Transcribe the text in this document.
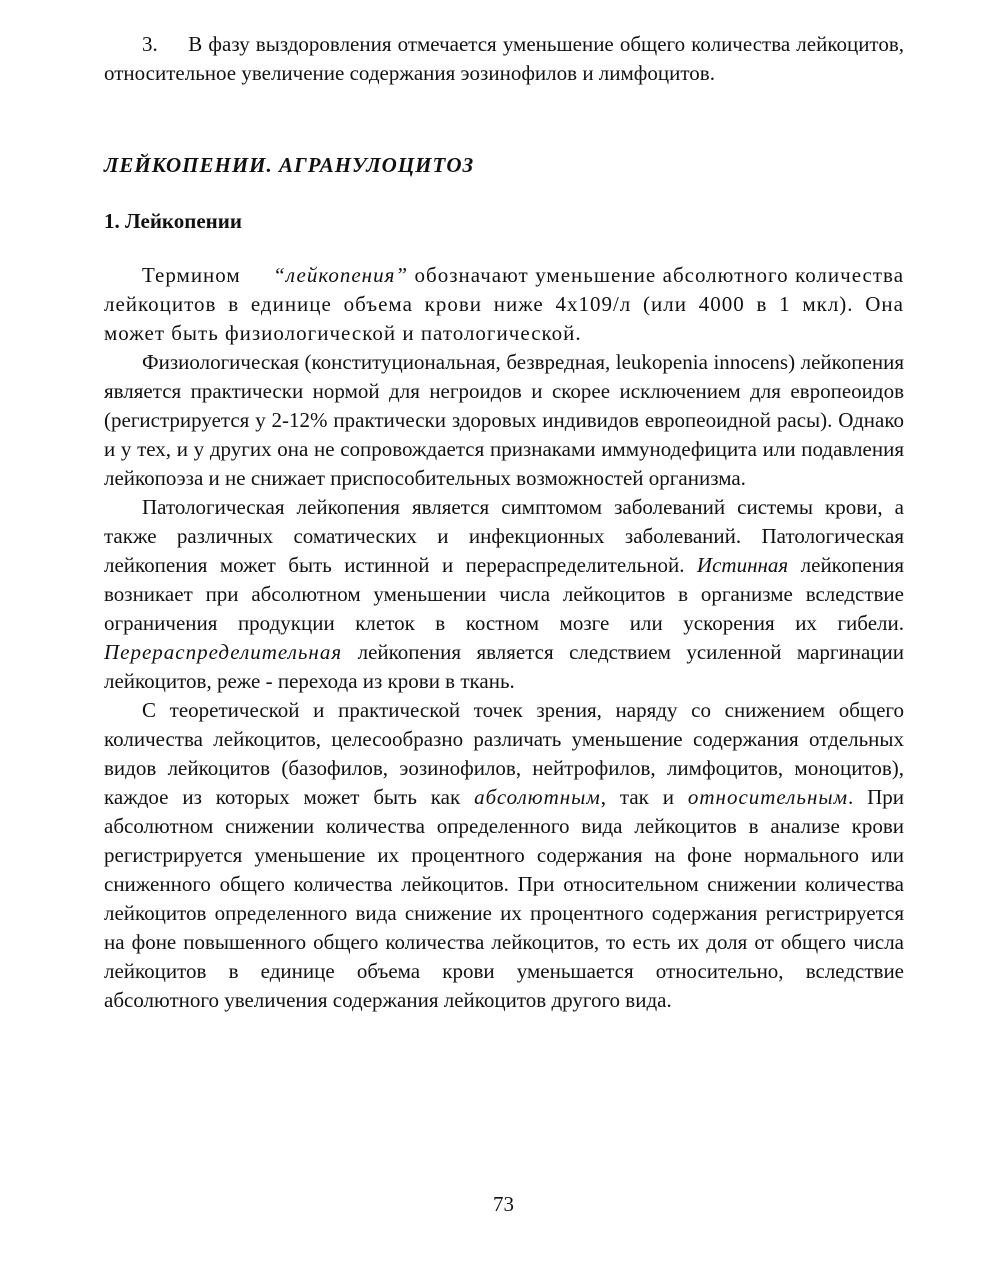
3. В фазу выздоровления отмечается уменьшение общего количества лейкоцитов, относительное увеличение содержания эозинофилов и лимфоцитов.

ЛЕЙКОПЕНИИ. АГРАНУЛОЦИТОЗ

1. Лейкопении

Термином “лейкопения” обозначают уменьшение абсолютного количества лейкоцитов в единице объема крови ниже 4х109/л (или 4000 в 1 мкл). Она может быть физиологической и патологической.

Физиологическая (конституциональная, безвредная, leukopenia innocens) лейкопения является практически нормой для негроидов и скорее исключением для европеоидов (регистрируется у 2-12% практически здоровых индивидов европеоидной расы). Однако и у тех, и у других она не сопровождается признаками иммунодефицита или подавления лейкопоэза и не снижает приспособительных возможностей организма.

Патологическая лейкопения является симптомом заболеваний системы крови, а также различных соматических и инфекционных заболеваний. Патологическая лейкопения может быть истинной и перераспределительной. Истинная лейкопения возникает при абсолютном уменьшении числа лейкоцитов в организме вследствие ограничения продукции клеток в костном мозге или ускорения их гибели. Перераспределительная лейкопения является следствием усиленной маргинации лейкоцитов, реже - перехода из крови в ткань.

С теоретической и практической точек зрения, наряду со снижением общего количества лейкоцитов, целесообразно различать уменьшение содержания отдельных видов лейкоцитов (базофилов, эозинофилов, нейтрофилов, лимфоцитов, моноцитов), каждое из которых может быть как абсолютным, так и относительным. При абсолютном снижении количества определенного вида лейкоцитов в анализе крови регистрируется уменьшение их процентного содержания на фоне нормального или сниженного общего количества лейкоцитов. При относительном снижении количества лейкоцитов определенного вида снижение их процентного содержания регистрируется на фоне повышенного общего количества лейкоцитов, то есть их доля от общего числа лейкоцитов в единице объема крови уменьшается относительно, вследствие абсолютного увеличения содержания лейкоцитов другого вида.

73
